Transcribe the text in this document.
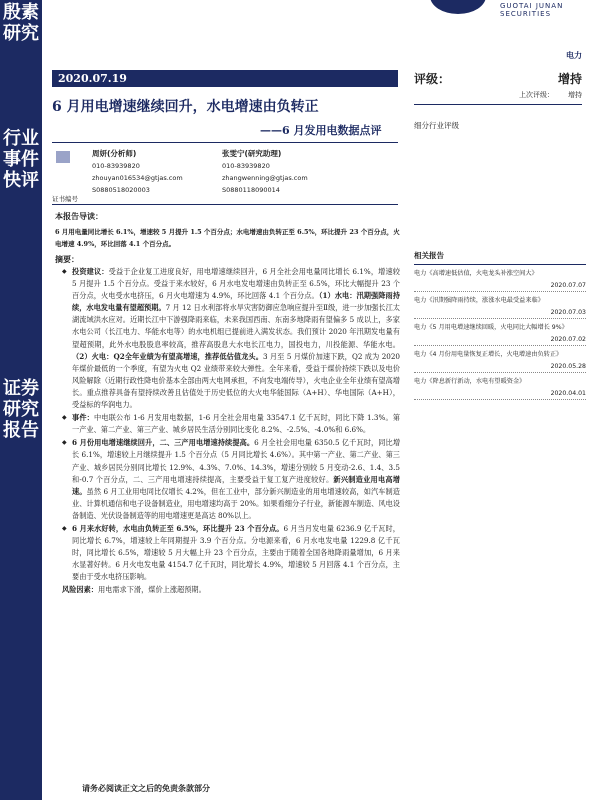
殷素研究
行业事件快评
证券研究报告
GUOTAI JUNAN SECURITIES
电力
2020.07.19
6 月用电增速继续回升，水电增速由负转正
——6 月发用电数据点评
评级：	增持
上次评级： 增持
细分行业评级
周妍(分析师)
010-83939820
zhouyan016534@gtjas.com
S0880518020003
张雯宁(研究助理)
010-83939820
zhangwenning@gtjas.com
S0880118090014
证书编号
本报告导读：
6 月用电量同比增长 6.1%，增速较 5 月提升 1.5 个百分点；水电增速由负转正至 6.5%，环比提升 23 个百分点，火电增速 4.9%，环比回落 4.1 个百分点。
摘要：

◆ 投资建议：受益于企业复工进度良好，用电增速继续回升，6 月全社会用电量同比增长 6.1%，增速较 5 月提升 1.5 个百分点。受益于来水较好，6 月水电发电增速由负转正至 6.5%，环比大幅提升 23 个百分点，火电受水电挤压，6 月火电增速为 4.9%，环比回落 4.1 个百分点。（1）水电：汛期强降雨持续，水电发电量有望超预期。7 月 12 日水利部将水旱灾害防御应急响应提升至Ⅱ级，进一步加强长江太湖流域洪水应对。近期长江中下游强降雨来临，未来我国西南、东南多地降雨有望偏多 5 成以上，多家水电公司（长江电力、华能水电等）的水电机组已提前进入满发状态。我们预计 2020 年汛期发电量有望超预期，此外水电股股息率较高，推荐高股息大水电长江电力，国投电力，川投能源、华能水电。（2）火电：Q2全年业绩为有望高增速，推荐低估值龙头。3 月至 5 月煤价加速下跌，Q2 成为 2020 年煤价最低的一个季度，有望为火电 Q2 业绩带来较大弹性。全年来看，受益于煤价持续下跌以及电价风险解除（近期行政性降电价基本全部由两大电网承担，不向发电端传导），火电企业全年业绩有望高增长。重点推荐具备有望持续改善且估值处于历史低位的大火电华能国际（A+H）、华电国际（A+H），受益标的华润电力。

◆ 事件：中电联公布 1-6 月发用电数据，1-6 月全社会用电量 33547.1 亿千瓦时，同比下降 1.3%。第一产业、第二产业、第三产业、城乡居民生活分别同比变化 8.2%、-2.5%、-4.0%和 6.6%。

◆ 6 月份用电增速继续回升，二、三产用电增速持续提高。6 月全社会用电量 6350.5 亿千瓦时，同比增长 6.1%，增速较上月继续提升 1.5 个百分点（5 月同比增长 4.6%）。其中第一产业、第二产业、第三产业、城乡居民分别同比增长 12.9%、4.3%、7.0%、14.3%，增速分别较 5 月变动-2.6、1.4、3.5 和-0.7 个百分点，二、三产用电增速持续提高，主要受益于复工复产进度较好。新兴制造业用电高增速。虽然 6 月工业用电同比仅增长 4.2%，但在工业中，部分新兴制造业的用电增速较高，如汽车制造业、计算机通信和电子设备制造业，用电增速均高于 20%。如果看细分子行业，新能源车制造、风电设备制造、光伏设备制造等的用电增速更是高达 80%以上。

◆ 6 月来水好转，水电由负转正至 6.5%，环比提升 23 个百分点。6 月当月发电量 6236.9 亿千瓦时，同比增长 6.7%，增速较上年同期提升 3.9 个百分点。分电源来看，6 月水电发电量 1229.8 亿千瓦时，同比增长 6.5%，增速较 5 月大幅上升 23 个百分点，主要由于随着全国各地降雨量增加，6 月来水显著好转。6 月火电发电量 4154.7 亿千瓦时，同比增长 4.9%，增速较 5 月回落 4.1 个百分点，主要由于受水电挤压影响。

风险因素：用电需求下滑，煤价上涨超预期。

相关报告
电力《高增速低估值，火电龙头补涨空间大》
2020.07.07
电力《汛期强降雨持续，涨涨水电最受益来临》
2020.07.03
电力《5 月用电增速继续回暖，火电同比大幅增长 9%》
2020.07.02
电力《4 月份用电量恢复正增长，火电增速由负转正》
2020.05.28
电力《降息新行新动，水电有望暖资金》
2020.04.01
请务必阅读正文之后的免责条款部分
